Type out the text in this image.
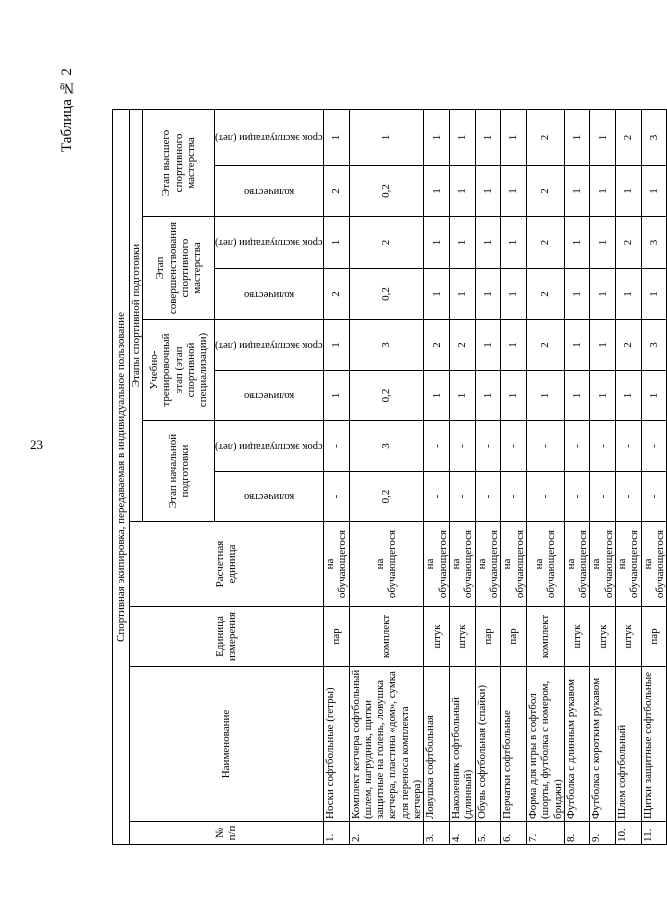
23
Таблица № 2
Спортивная экипировка, передаваемая в индивидуальное пользование											
№ п/п	Наименование	Единица измерения	Расчетная единица	Этапы спортивной подготовки							
				Этап начальной подготовки		Учебно-тренировочный этап (этап спортивной специализации)		Этап совершенствования спортивного мастерства		Этап высшего спортивного мастерства	

				количество	срок эксплуатации (лет)	количество	срок эксплуатации (лет)	количество	срок эксплуатации (лет)	количество	срок эксплуатации (лет)

1.	Носки софтбольные (гетры)	пар	на обучающегося	-	-	1	1	2	1	2	1
2.	Комплект кетчера софтбольный (шлем, нагрудник, щитки защитные на голень, ловушка кетчера, пластина «дом», сумка для переноса комплекта кетчера)	комплект	на обучающегося	0,2	3	0,2	3	0,2	2	0,2	1
3.	Ловушка софтбольная	штук	на обучающегося	-	-	1	2	1	1	1	1
4.	Наколенник софтбольный (длинный)	штук	на обучающегося	-	-	1	2	1	1	1	1
5.	Обувь софтбольная (спайки)	пар	на обучающегося	-	-	1	1	1	1	1	1
6.	Перчатки софтбольные	пар	на обучающегося	-	-	1	1	1	1	1	1
7.	Форма для игры в софтбол (шорты, футболка с номером, бриджи)	комплект	на обучающегося	-	-	1	2	2	2	2	2
8.	Футболка с длинным рукавом	штук	на обучающегося	-	-	1	1	1	1	1	1
9.	Футболка с коротким рукавом	штук	на обучающегося	-	-	1	1	1	1	1	1
10.	Шлем софтбольный	штук	на обучающегося	-	-	1	2	1	2	1	2
11.	Щитки защитные софтбольные	пар	на обучающегося	-	-	1	3	1	3	1	3
